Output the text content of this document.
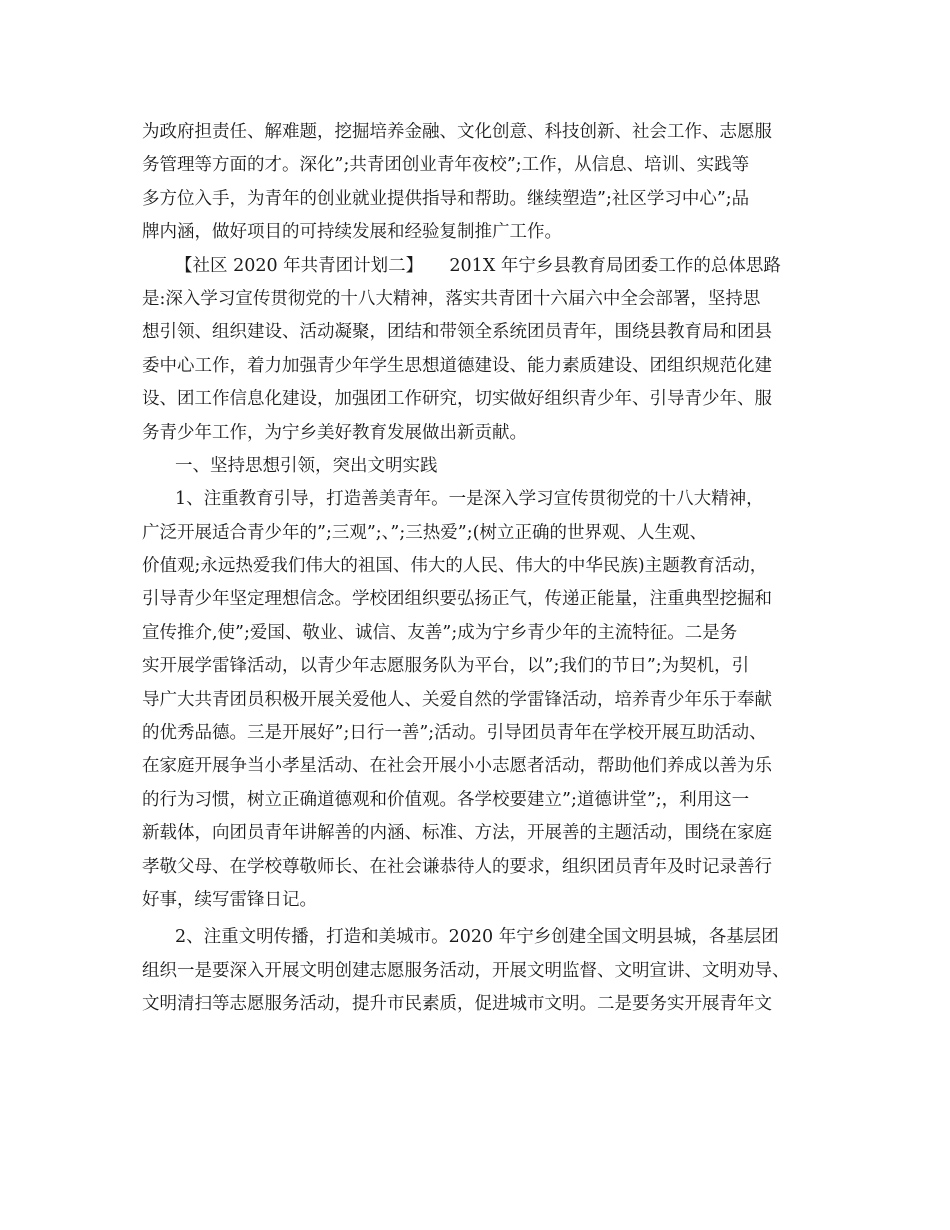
为政府担责任、解难题，挖掘培养金融、文化创意、科技创新、社会工作、志愿服
务管理等方面的才。深化”;共青团创业青年夜校”;工作，从信息、培训、实践等
多方位入手，为青年的创业就业提供指导和帮助。继续塑造”;社区学习中心”;品
牌内涵，做好项目的可持续发展和经验复制推广工作。
【社区 2020 年共青团计划二】　　201X 年宁乡县教育局团委工作的总体思路
是:深入学习宣传贯彻党的十八大精神，落实共青团十六届六中全会部署，坚持思
想引领、组织建设、活动凝聚，团结和带领全系统团员青年，围绕县教育局和团县
委中心工作，着力加强青少年学生思想道德建设、能力素质建设、团组织规范化建
设、团工作信息化建设，加强团工作研究，切实做好组织青少年、引导青少年、服
务青少年工作，为宁乡美好教育发展做出新贡献。
一、坚持思想引领，突出文明实践
1、注重教育引导，打造善美青年。一是深入学习宣传贯彻党的十八大精神，
广泛开展适合青少年的”;三观”;、”;三热爱”;(树立正确的世界观、人生观、
价值观;永远热爱我们伟大的祖国、伟大的人民、伟大的中华民族)主题教育活动，
引导青少年坚定理想信念。学校团组织要弘扬正气，传递正能量，注重典型挖掘和
宣传推介,使”;爱国、敬业、诚信、友善”;成为宁乡青少年的主流特征。二是务
实开展学雷锋活动，以青少年志愿服务队为平台，以”;我们的节日”;为契机，引
导广大共青团员积极开展关爱他人、关爱自然的学雷锋活动，培养青少年乐于奉献
的优秀品德。三是开展好”;日行一善”;活动。引导团员青年在学校开展互助活动、
在家庭开展争当小孝星活动、在社会开展小小志愿者活动，帮助他们养成以善为乐
的行为习惯，树立正确道德观和价值观。各学校要建立”;道德讲堂”;，利用这一
新载体，向团员青年讲解善的内涵、标准、方法，开展善的主题活动，围绕在家庭
孝敬父母、在学校尊敬师长、在社会谦恭待人的要求，组织团员青年及时记录善行
好事，续写雷锋日记。
2、注重文明传播，打造和美城市。2020 年宁乡创建全国文明县城，各基层团
组织一是要深入开展文明创建志愿服务活动，开展文明监督、文明宣讲、文明劝导、
文明清扫等志愿服务活动，提升市民素质，促进城市文明。二是要务实开展青年文
